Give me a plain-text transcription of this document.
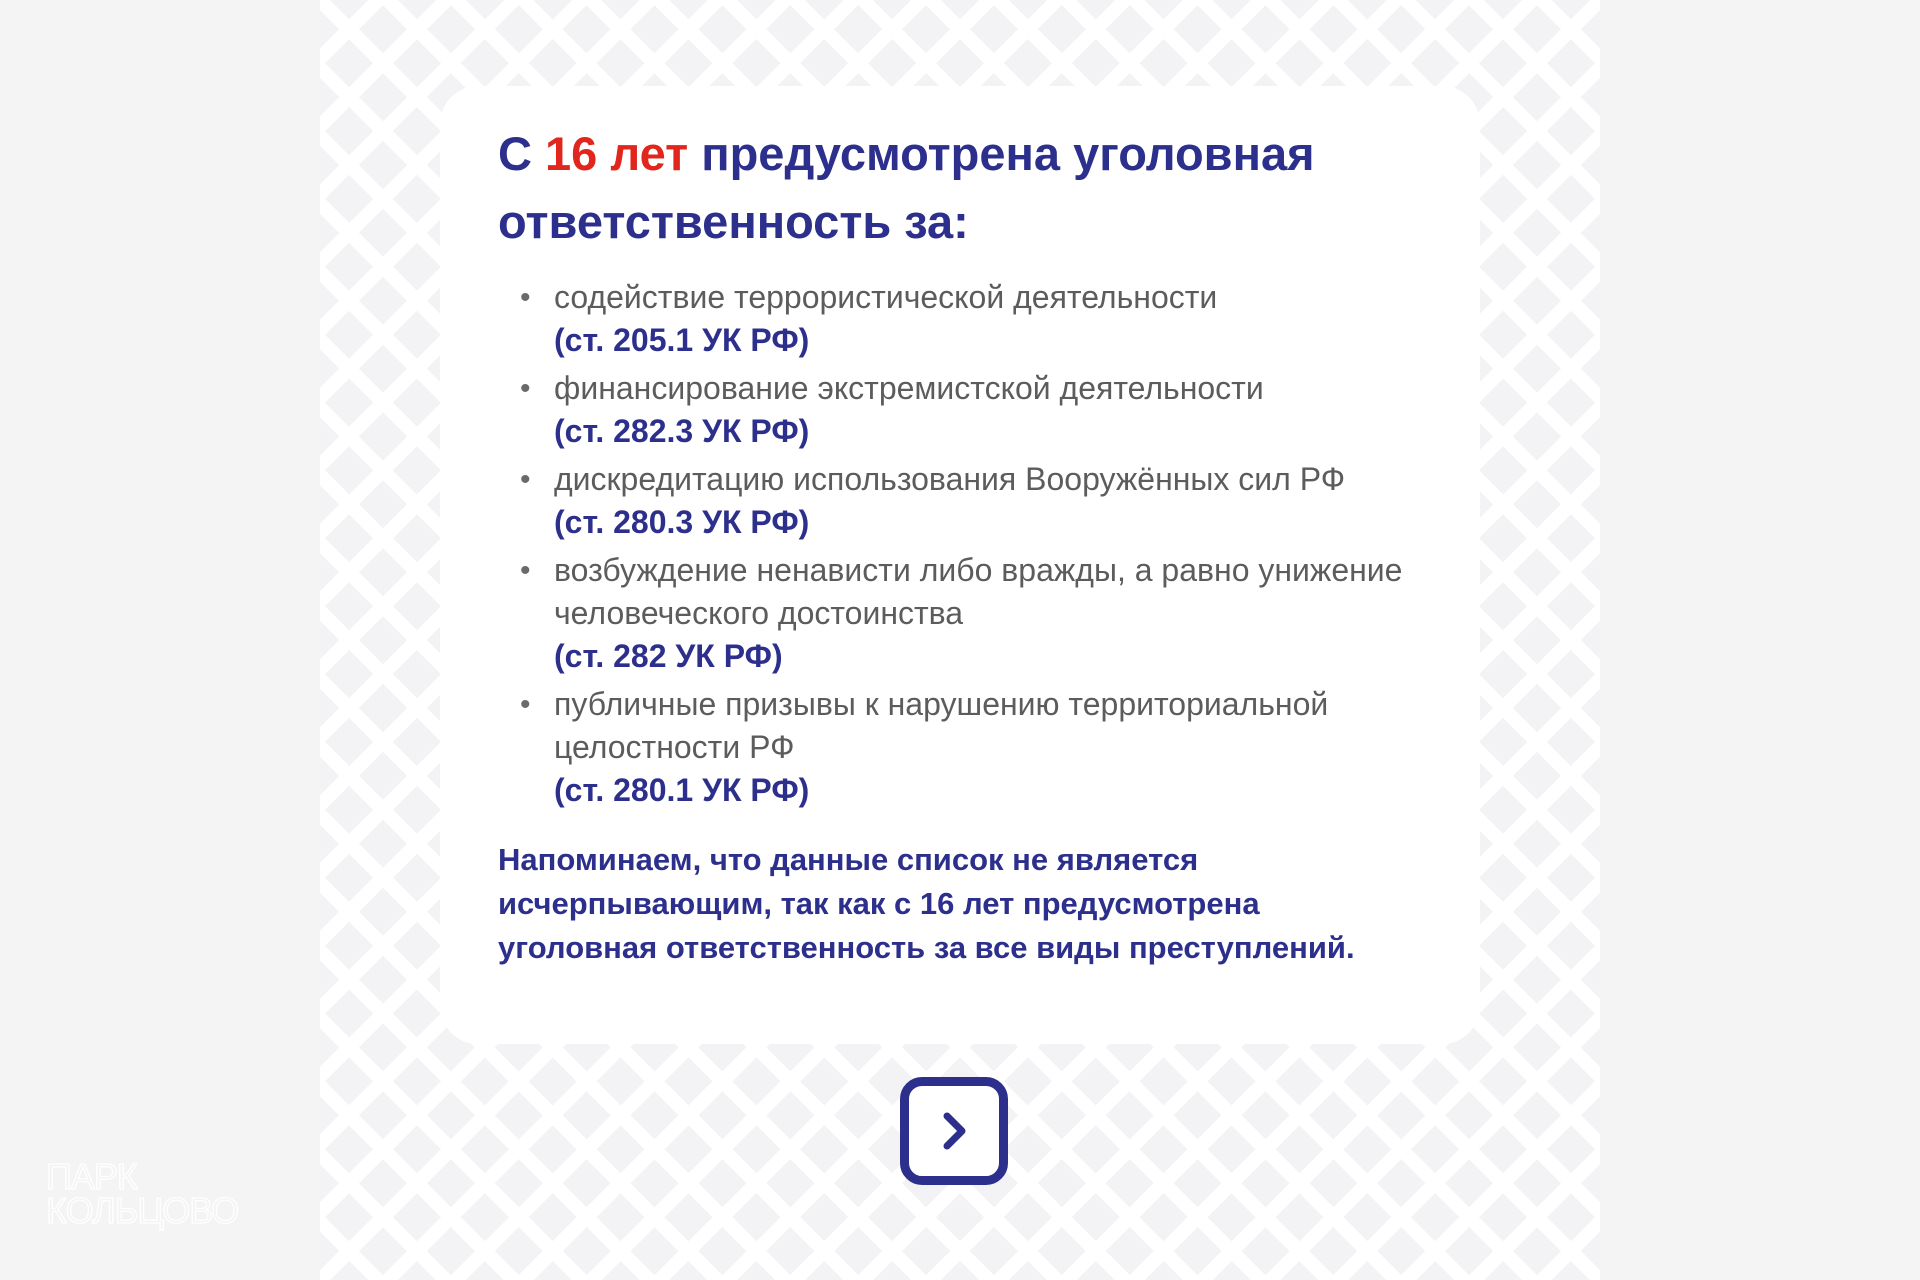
С 16 лет предусмотрена уголовная ответственность за:
• содействие террористической деятельности
(ст. 205.1 УК РФ)
• финансирование экстремистской деятельности
(ст. 282.3 УК РФ)
• дискредитацию использования Вооружённых сил РФ
(ст. 280.3 УК РФ)
• возбуждение ненависти либо вражды, а равно унижение человеческого достоинства
(ст. 282 УК РФ)
• публичные призывы к нарушению территориальной целостности РФ
(ст. 280.1 УК РФ)

Напоминаем, что данные список не является исчерпывающим, так как с 16 лет предусмотрена уголовная ответственность за все виды преступлений.

ПАРК
КОЛЬЦОВО
